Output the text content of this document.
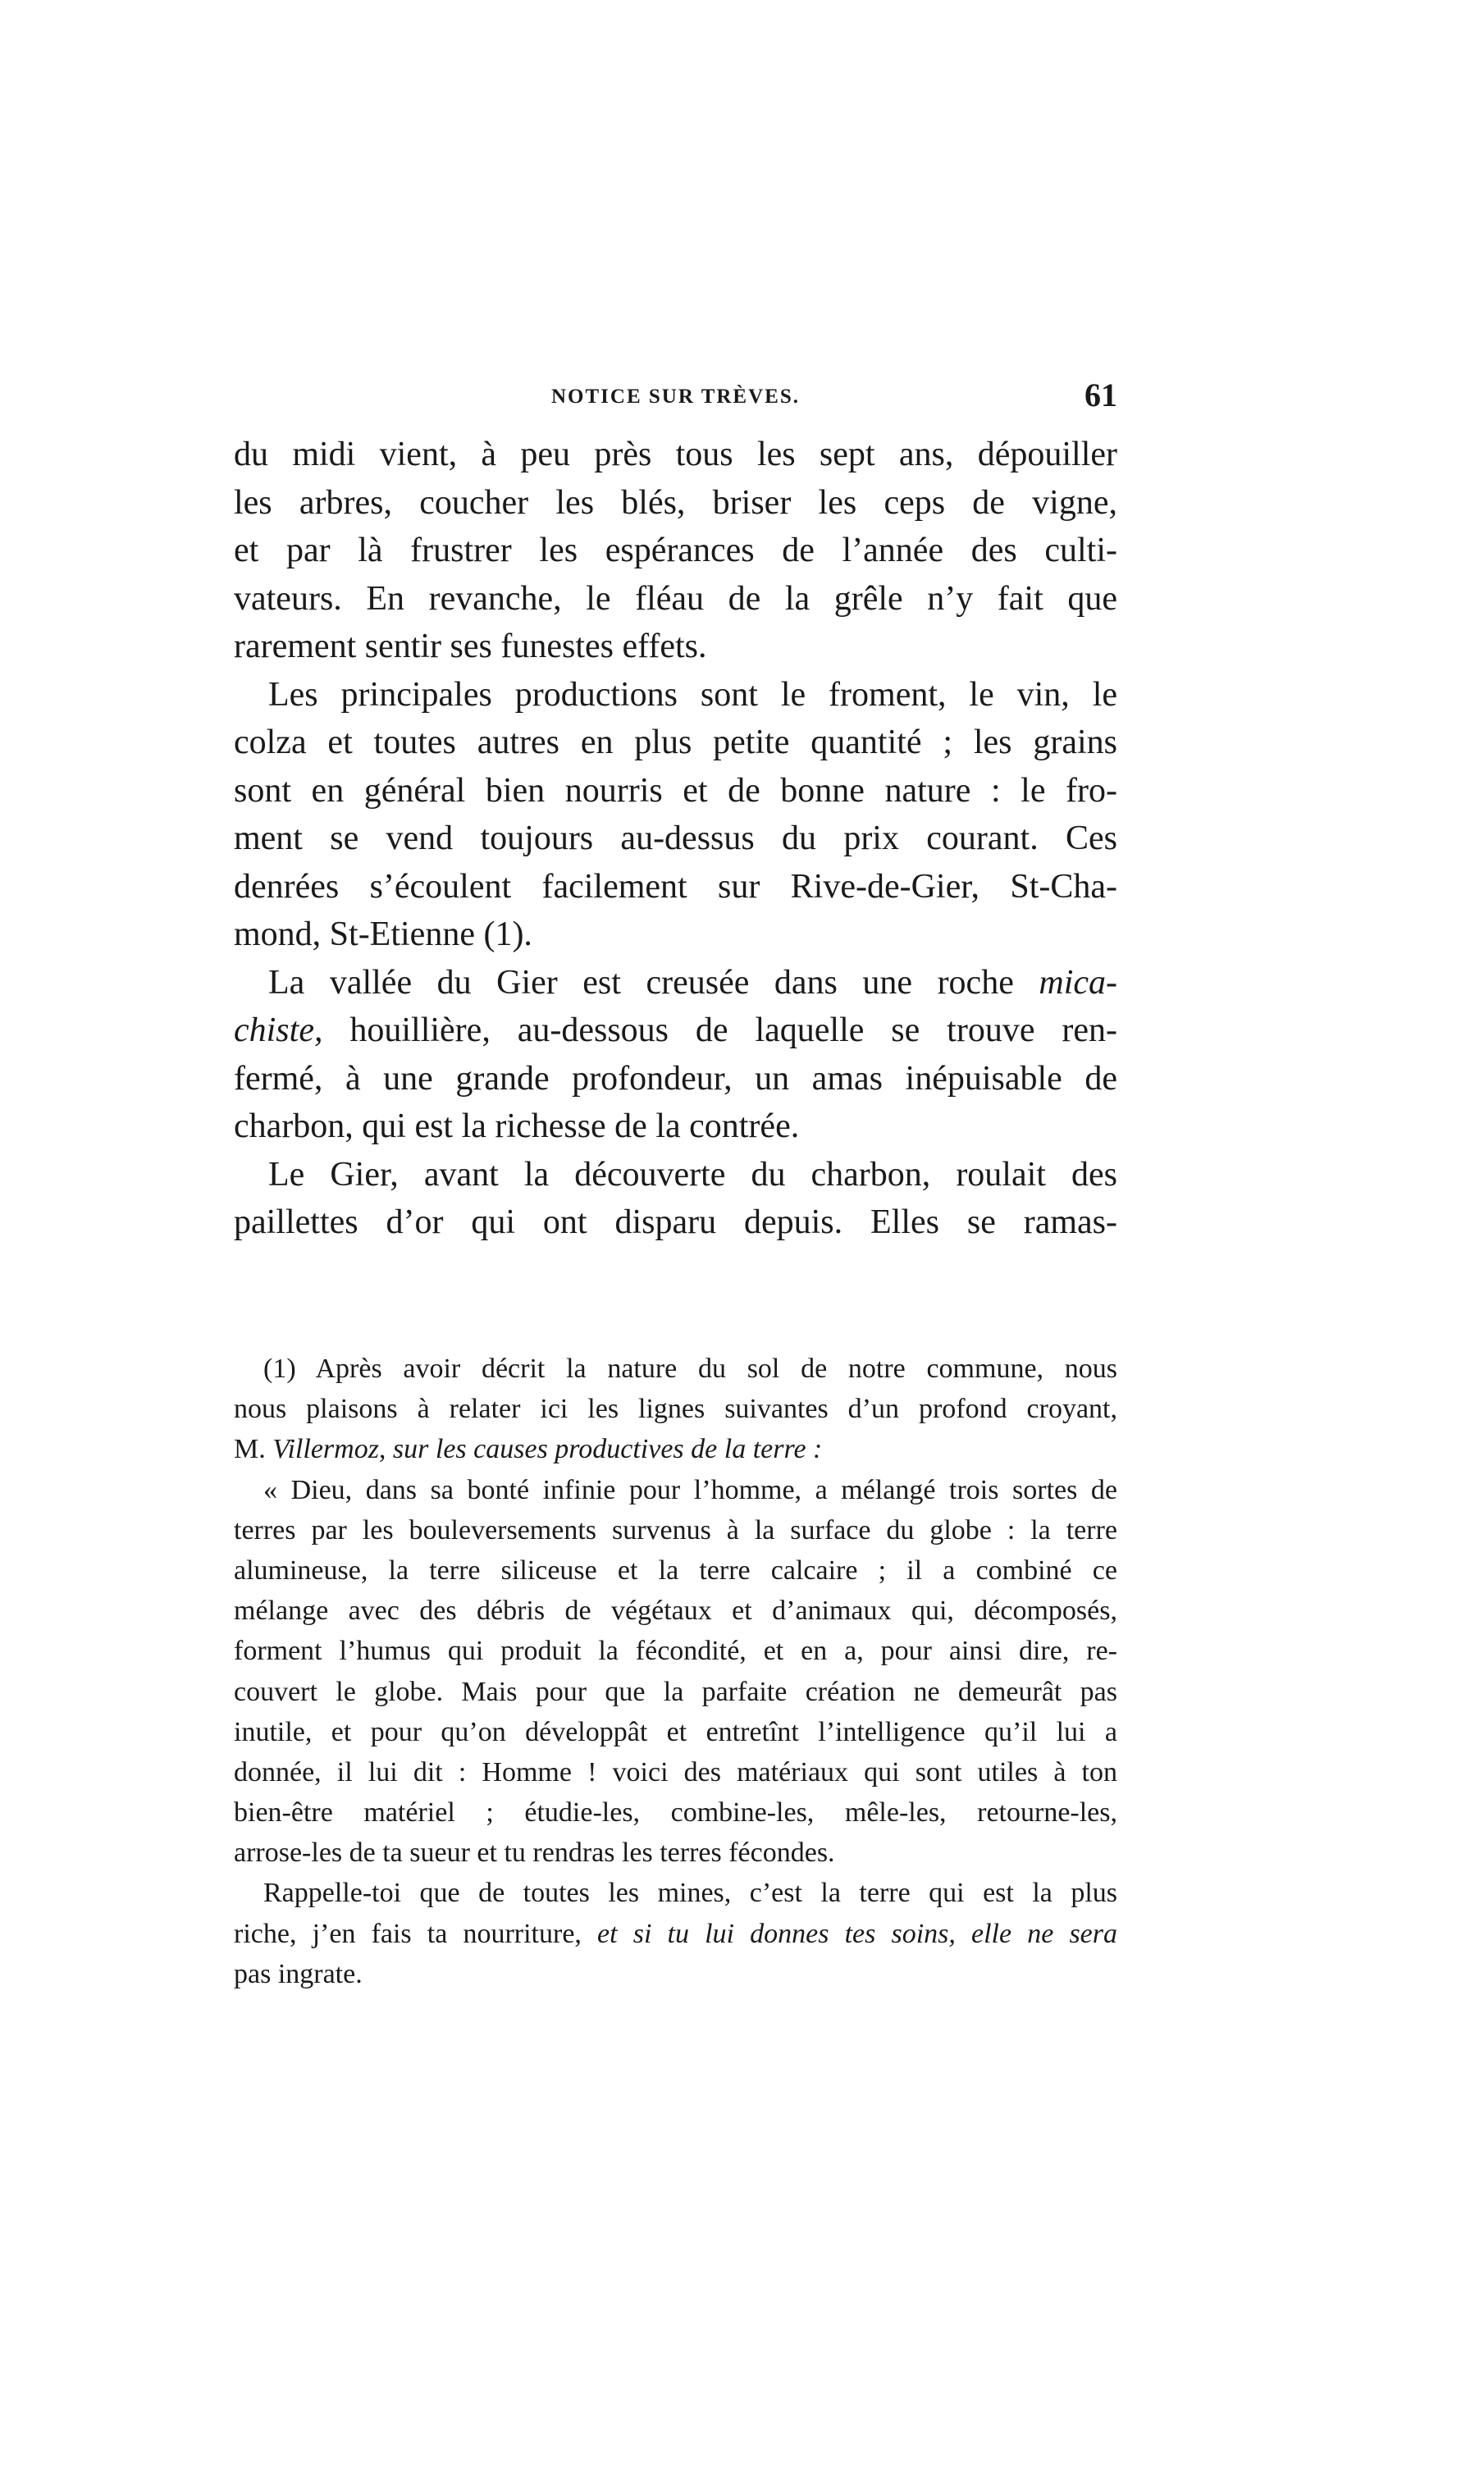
NOTICE SUR TRÈVES.	61
du midi vient, à peu près tous les sept ans, dépouiller
les arbres, coucher les blés, briser les ceps de vigne,
et par là frustrer les espérances de l’année des culti-
vateurs. En revanche, le fléau de la grêle n’y fait que
rarement sentir ses funestes effets.
Les principales productions sont le froment, le vin, le
colza et toutes autres en plus petite quantité ; les grains
sont en général bien nourris et de bonne nature : le fro-
ment se vend toujours au-dessus du prix courant. Ces
denrées s’écoulent facilement sur Rive-de-Gier, St-Cha-
mond, St-Etienne (1).
La vallée du Gier est creusée dans une roche mica-
chiste, houillière, au-dessous de laquelle se trouve ren-
fermé, à une grande profondeur, un amas inépuisable de
charbon, qui est la richesse de la contrée.
Le Gier, avant la découverte du charbon, roulait des
paillettes d’or qui ont disparu depuis. Elles se ramas-
(1) Après avoir décrit la nature du sol de notre commune, nous
nous plaisons à relater ici les lignes suivantes d’un profond croyant,
M. Villermoz, sur les causes productives de la terre :
« Dieu, dans sa bonté infinie pour l’homme, a mélangé trois sortes de
terres par les bouleversements survenus à la surface du globe : la terre
alumineuse, la terre siliceuse et la terre calcaire ; il a combiné ce
mélange avec des débris de végétaux et d’animaux qui, décomposés,
forment l’humus qui produit la fécondité, et en a, pour ainsi dire, re-
couvert le globe. Mais pour que la parfaite création ne demeurât pas
inutile, et pour qu’on développât et entretînt l’intelligence qu’il lui a
donnée, il lui dit : Homme ! voici des matériaux qui sont utiles à ton
bien-être matériel ; étudie-les, combine-les, mêle-les, retourne-les,
arrose-les de ta sueur et tu rendras les terres fécondes.
Rappelle-toi que de toutes les mines, c’est la terre qui est la plus
riche, j’en fais ta nourriture, et si tu lui donnes tes soins, elle ne sera
pas ingrate.
